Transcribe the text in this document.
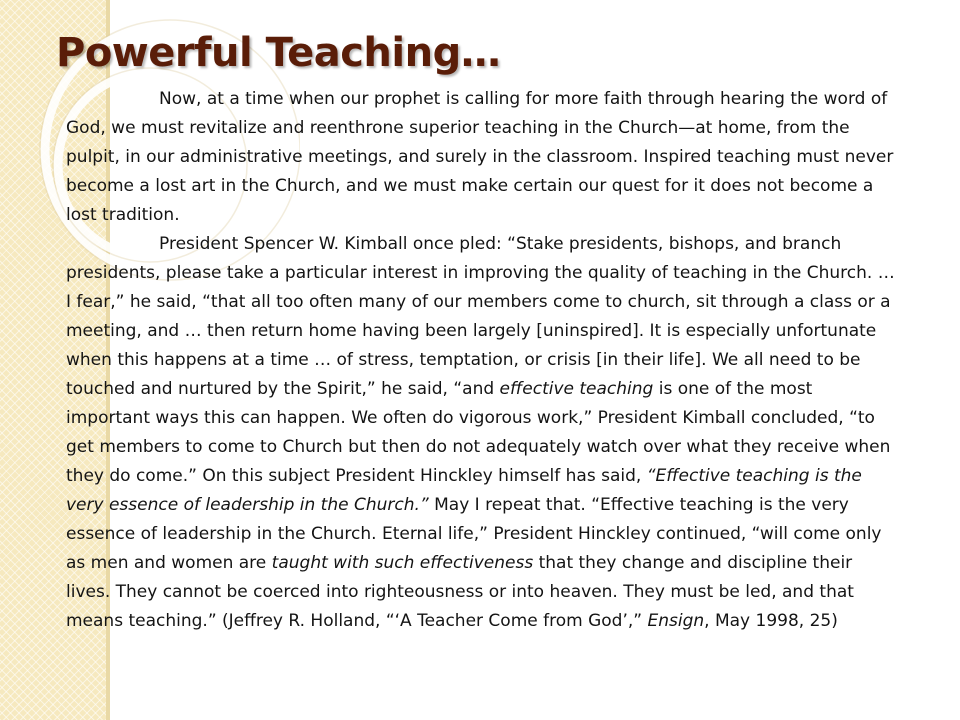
Powerful Teaching…

Now, at a time when our prophet is calling for more faith through hearing the word of God, we must revitalize and reenthrone superior teaching in the Church—at home, from the pulpit, in our administrative meetings, and surely in the classroom. Inspired teaching must never become a lost art in the Church, and we must make certain our quest for it does not become a lost tradition.

President Spencer W. Kimball once pled: “Stake presidents, bishops, and branch presidents, please take a particular interest in improving the quality of teaching in the Church. … I fear,” he said, “that all too often many of our members come to church, sit through a class or a meeting, and … then return home having been largely [uninspired]. It is especially unfortunate when this happens at a time … of stress, temptation, or crisis [in their life]. We all need to be touched and nurtured by the Spirit,” he said, “and effective teaching is one of the most important ways this can happen. We often do vigorous work,” President Kimball concluded, “to get members to come to Church but then do not adequately watch over what they receive when they do come.” On this subject President Hinckley himself has said, “Effective teaching is the very essence of leadership in the Church.” May I repeat that. “Effective teaching is the very essence of leadership in the Church. Eternal life,” President Hinckley continued, “will come only as men and women are taught with such effectiveness that they change and discipline their lives. They cannot be coerced into righteousness or into heaven. They must be led, and that means teaching.” (Jeffrey R. Holland, “‘A Teacher Come from God’,” Ensign, May 1998, 25)
